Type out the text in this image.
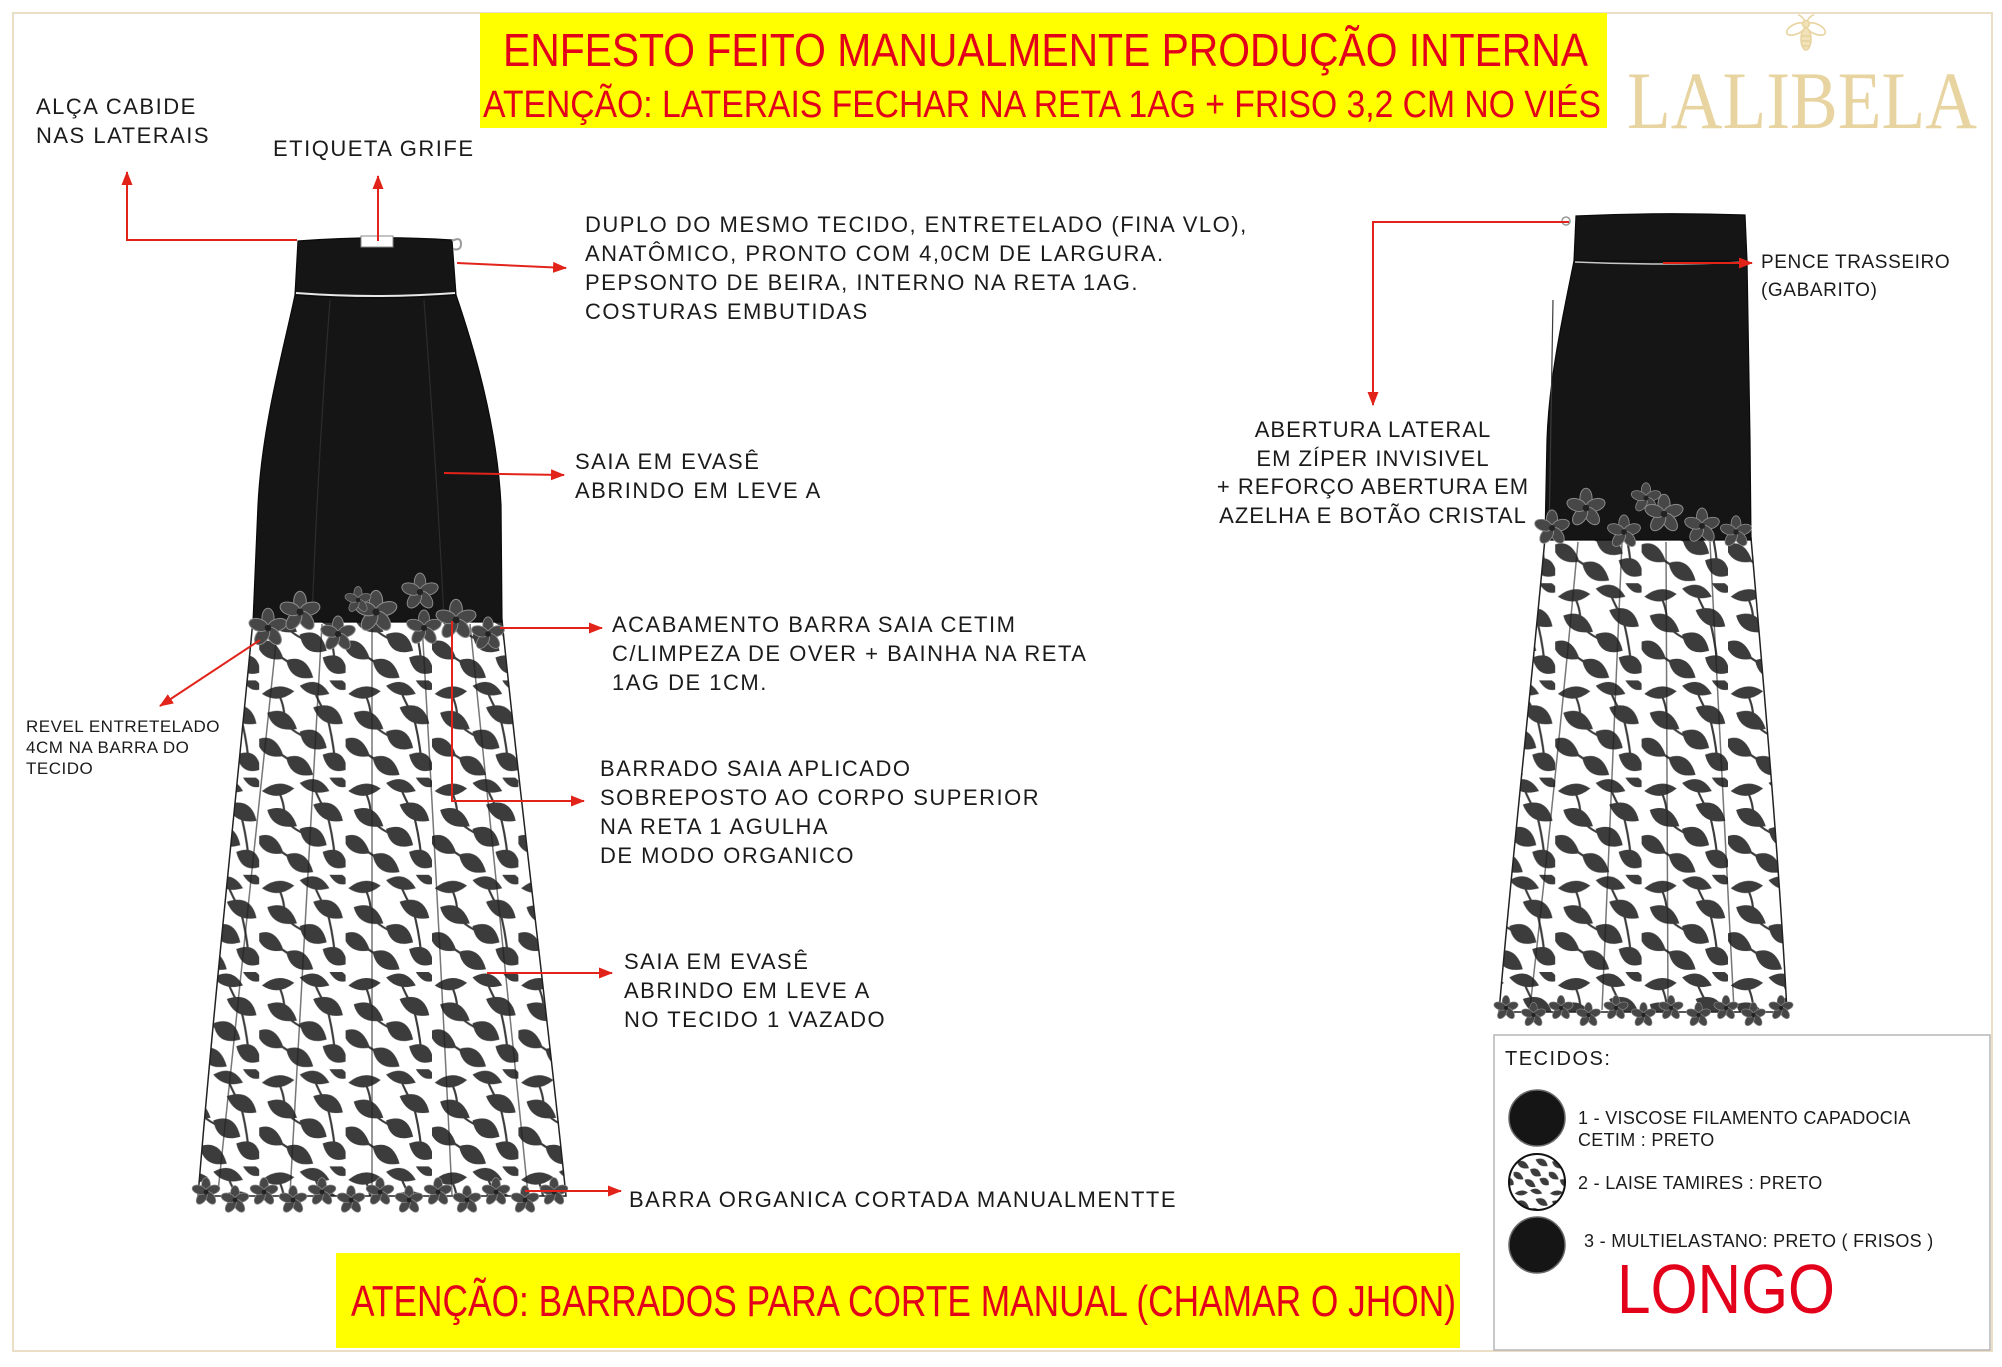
ENFESTO FEITO MANUALMENTE PRODUÇÃO INTERNA
ATENÇÃO: LATERAIS FECHAR NA RETA 1AG + FRISO 3,2 CM NO VIÉS
LALIBELA
LONGO
ATENÇÃO: BARRADOS PARA CORTE MANUAL (CHAMAR O JHON)
ALÇA CABIDE
NAS LATERAIS
ETIQUETA GRIFE
DUPLO DO MESMO TECIDO, ENTRETELADO (FINA VLO),
ANATÔMICO, PRONTO COM 4,0CM DE LARGURA.
PEPSONTO DE BEIRA, INTERNO NA RETA 1AG.
COSTURAS EMBUTIDAS
SAIA EM EVASÊ
ABRINDO EM LEVE A
ACABAMENTO BARRA SAIA CETIM
C/LIMPEZA DE OVER + BAINHA NA RETA
1AG DE 1CM.
REVEL ENTRETELADO
4CM NA BARRA DO
TECIDO	BARRADO SAIA APLICADO
SOBREPOSTO AO CORPO SUPERIOR
NA RETA 1 AGULHA
DE MODO ORGANICO
SAIA EM EVASÊ
ABRINDO EM LEVE A
NO TECIDO 1 VAZADO
BARRA ORGANICA CORTADA MANUALMENTTE
PENCE TRASSEIRO
(GABARITO)
ABERTURA LATERAL
EM ZÍPER INVISIVEL
+ REFORÇO ABERTURA EM
AZELHA E BOTÃO CRISTAL
TECIDOS:
1 - VISCOSE FILAMENTO CAPADOCIA
CETIM : PRETO
2 - LAISE TAMIRES : PRETO
3 - MULTIELASTANO: PRETO ( FRISOS )
